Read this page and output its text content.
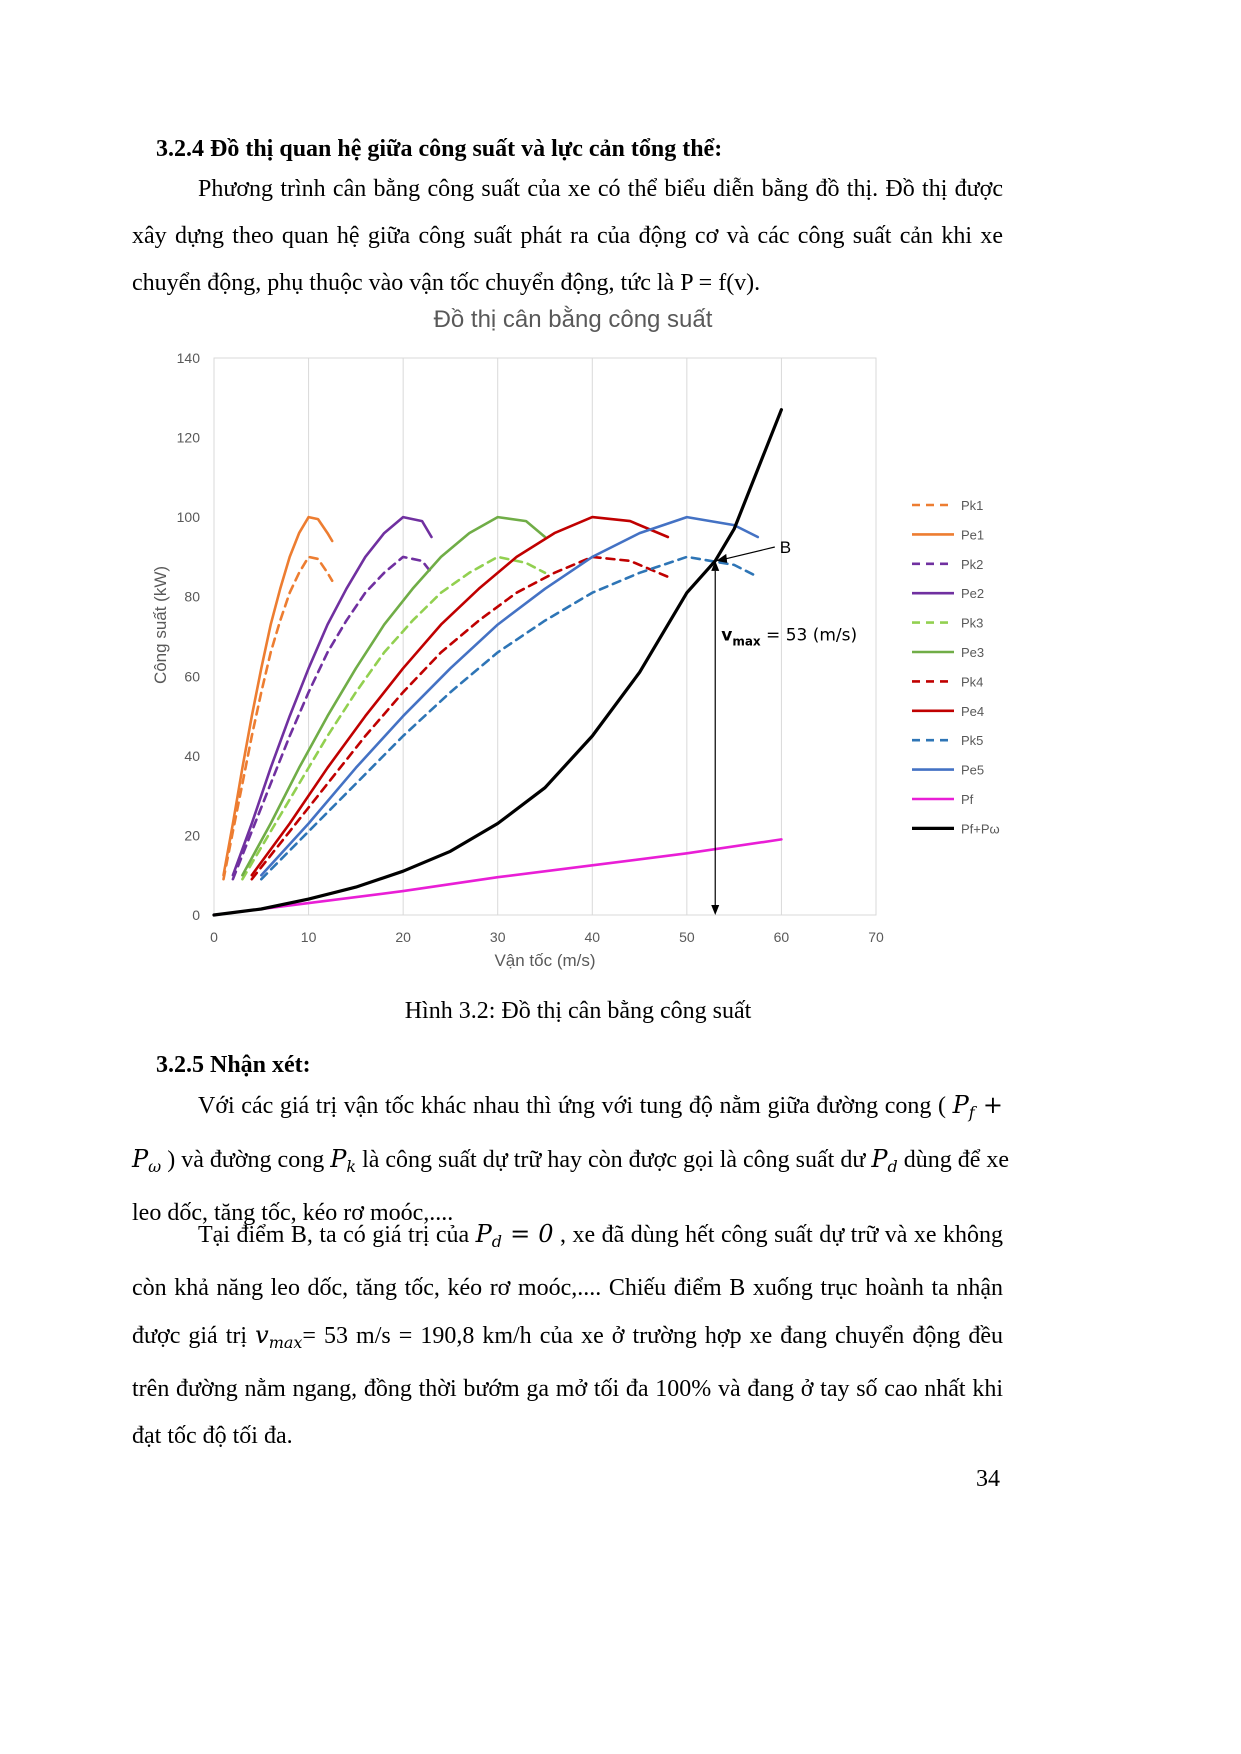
3.2.4 Đồ thị quan hệ giữa công suất và lực cản tổng thể:
Phương trình cân bằng công suất của xe có thể biểu diễn bằng đồ thị. Đồ thị được
xây dựng theo quan hệ giữa công suất phát ra của động cơ và các công suất cản khi xe
chuyển động, phụ thuộc vào vận tốc chuyển động, tức là P = f(v).
Đồ thị cân bằng công suất
0	10	20	30	40	50	60	70
0
20
40
60
80
100
120
140
Vận tốc (m/s)
Công suất (kW)
B
$v_{max} = 53$ (m/s)
Pk1
Pe1
Pk2
Pe2
Pk3
Pe3
Pk4
Pe4
Pk5
Pe5
Pf
Pf+Pω
Hình 3.2: Đồ thị cân bằng công suất
3.2.5 Nhận xét:
Với các giá trị vận tốc khác nhau thì ứng với tung độ nằm giữa đường cong ( $P_f$ +
$P_\omega$ ) và đường cong $P_k$ là công suất dự trữ hay còn được gọi là công suất dư $P_d$ dùng để xe
leo dốc, tăng tốc, kéo rơ moóc,....
Tại điểm B, ta có giá trị của $P_d = 0$ , xe đã dùng hết công suất dự trữ và xe không
còn khả năng leo dốc, tăng tốc, kéo rơ moóc,.... Chiếu điểm B xuống trục hoành ta nhận
được giá trị $v_{max}= 53$ m/s = 190,8 km/h của xe ở trường hợp xe đang chuyển động đều
trên đường nằm ngang, đồng thời bướm ga mở tối đa 100% và đang ở tay số cao nhất khi
đạt tốc độ tối đa.
34
